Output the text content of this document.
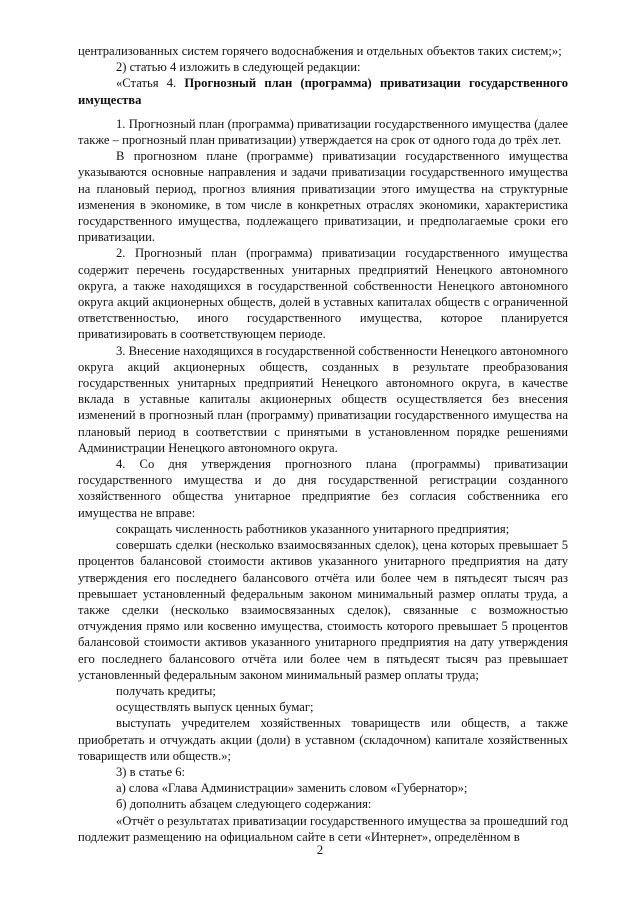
централизованных систем горячего водоснабжения и отдельных объектов таких систем;»;

2) статью 4 изложить в следующей редакции:

«Статья 4. Прогнозный план (программа) приватизации государственного имущества

1. Прогнозный план (программа) приватизации государственного имущества (далее также – прогнозный план приватизации) утверждается на срок от одного года до трёх лет.

В прогнозном плане (программе) приватизации государственного имущества указываются основные направления и задачи приватизации государственного имущества на плановый период, прогноз влияния приватизации этого имущества на структурные изменения в экономике, в том числе в конкретных отраслях экономики, характеристика государственного имущества, подлежащего приватизации, и предполагаемые сроки его приватизации.

2. Прогнозный план (программа) приватизации государственного имущества содержит перечень государственных унитарных предприятий Ненецкого автономного округа, а также находящихся в государственной собственности Ненецкого автономного округа акций акционерных обществ, долей в уставных капиталах обществ с ограниченной ответственностью, иного государственного имущества, которое планируется приватизировать в соответствующем периоде.

3. Внесение находящихся в государственной собственности Ненецкого автономного округа акций акционерных обществ, созданных в результате преобразования государственных унитарных предприятий Ненецкого автономного округа, в качестве вклада в уставные капиталы акционерных обществ осуществляется без внесения изменений в прогнозный план (программу) приватизации государственного имущества на плановый период в соответствии с принятыми в установленном порядке решениями Администрации Ненецкого автономного округа.

4. Со дня утверждения прогнозного плана (программы) приватизации государственного имущества и до дня государственной регистрации созданного хозяйственного общества унитарное предприятие без согласия собственника его имущества не вправе:

сокращать численность работников указанного унитарного предприятия;

совершать сделки (несколько взаимосвязанных сделок), цена которых превышает 5 процентов балансовой стоимости активов указанного унитарного предприятия на дату утверждения его последнего балансового отчёта или более чем в пятьдесят тысяч раз превышает установленный федеральным законом минимальный размер оплаты труда, а также сделки (несколько взаимосвязанных сделок), связанные с возможностью отчуждения прямо или косвенно имущества, стоимость которого превышает 5 процентов балансовой стоимости активов указанного унитарного предприятия на дату утверждения его последнего балансового отчёта или более чем в пятьдесят тысяч раз превышает установленный федеральным законом минимальный размер оплаты труда;

получать кредиты;

осуществлять выпуск ценных бумаг;

выступать учредителем хозяйственных товариществ или обществ, а также приобретать и отчуждать акции (доли) в уставном (складочном) капитале хозяйственных товариществ или обществ.»;

3) в статье 6:

а) слова «Глава Администрации» заменить словом «Губернатор»;

б) дополнить абзацем следующего содержания:

«Отчёт о результатах приватизации государственного имущества за прошедший год подлежит размещению на официальном сайте в сети «Интернет», определённом в

2
